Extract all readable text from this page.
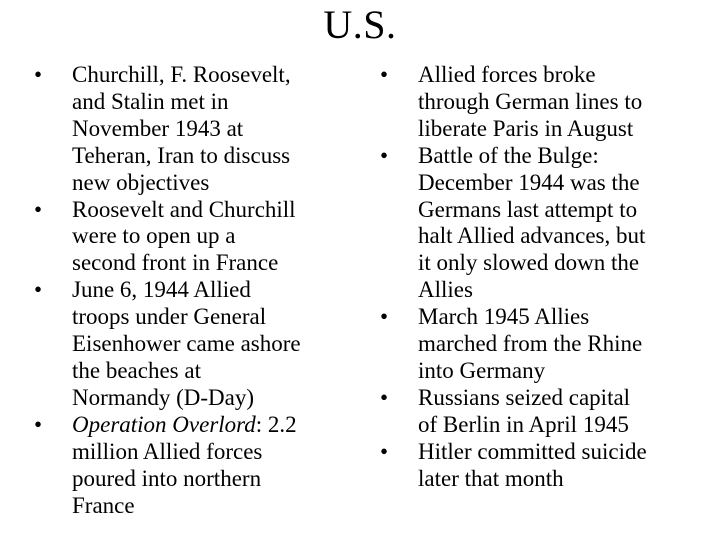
U.S.
• Churchill, F. Roosevelt,
and Stalin met in
November 1943 at
Teheran, Iran to discuss
new objectives
• Roosevelt and Churchill
were to open up a
second front in France
• June 6, 1944 Allied
troops under General
Eisenhower came ashore
the beaches at
Normandy (D-Day)
• Operation Overlord: 2.2
million Allied forces
poured into northern
France
• Allied forces broke
through German lines to
liberate Paris in August
• Battle of the Bulge:
December 1944 was the
Germans last attempt to
halt Allied advances, but
it only slowed down the
Allies
• March 1945 Allies
marched from the Rhine
into Germany
• Russians seized capital
of Berlin in April 1945
• Hitler committed suicide
later that month
